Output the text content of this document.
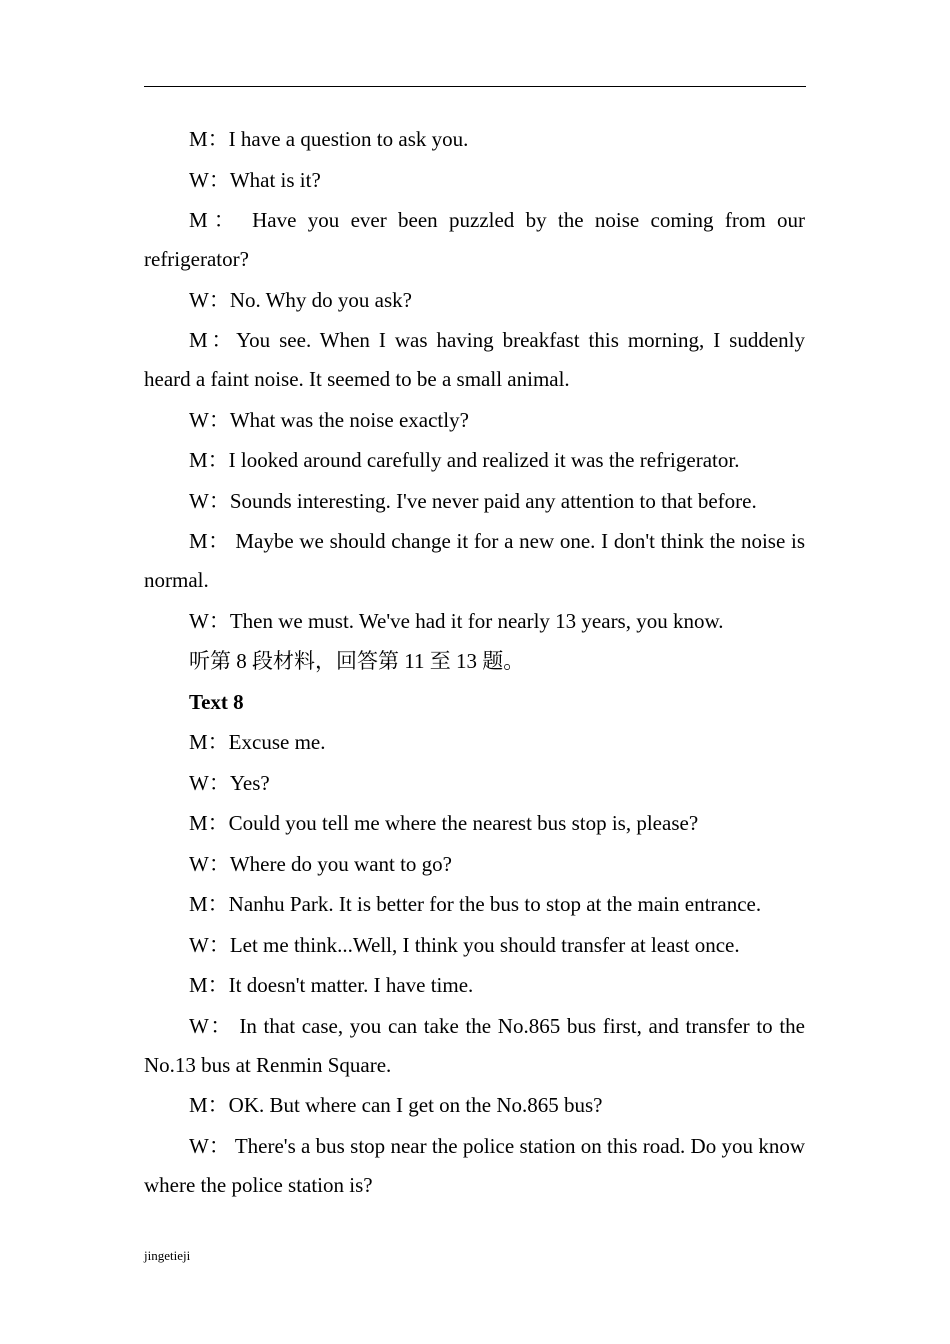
M：I have a question to ask you.

W：What is it?

M： Have you ever been puzzled by the noise coming from our refrigerator?

W：No. Why do you ask?

M：You see. When I was having breakfast this morning, I suddenly heard a faint noise. It seemed to be a small animal.

W：What was the noise exactly?

M：I looked around carefully and realized it was the refrigerator.

W：Sounds interesting. I've never paid any attention to that before.

M： Maybe we should change it for a new one. I don't think the noise is normal.

W：Then we must. We've had it for nearly 13 years, you know.

听第 8 段材料，回答第 11 至 13 题。

Text 8

M：Excuse me.

W：Yes?

M：Could you tell me where the nearest bus stop is, please?

W：Where do you want to go?

M：Nanhu Park. It is better for the bus to stop at the main entrance.

W：Let me think...Well, I think you should transfer at least once.

M：It doesn't matter. I have time.

W： In that case, you can take the No.865 bus first, and transfer to the No.13 bus at Renmin Square.

M：OK. But where can I get on the No.865 bus?

W： There's a bus stop near the police station on this road. Do you know where the police station is?

jingetieji
